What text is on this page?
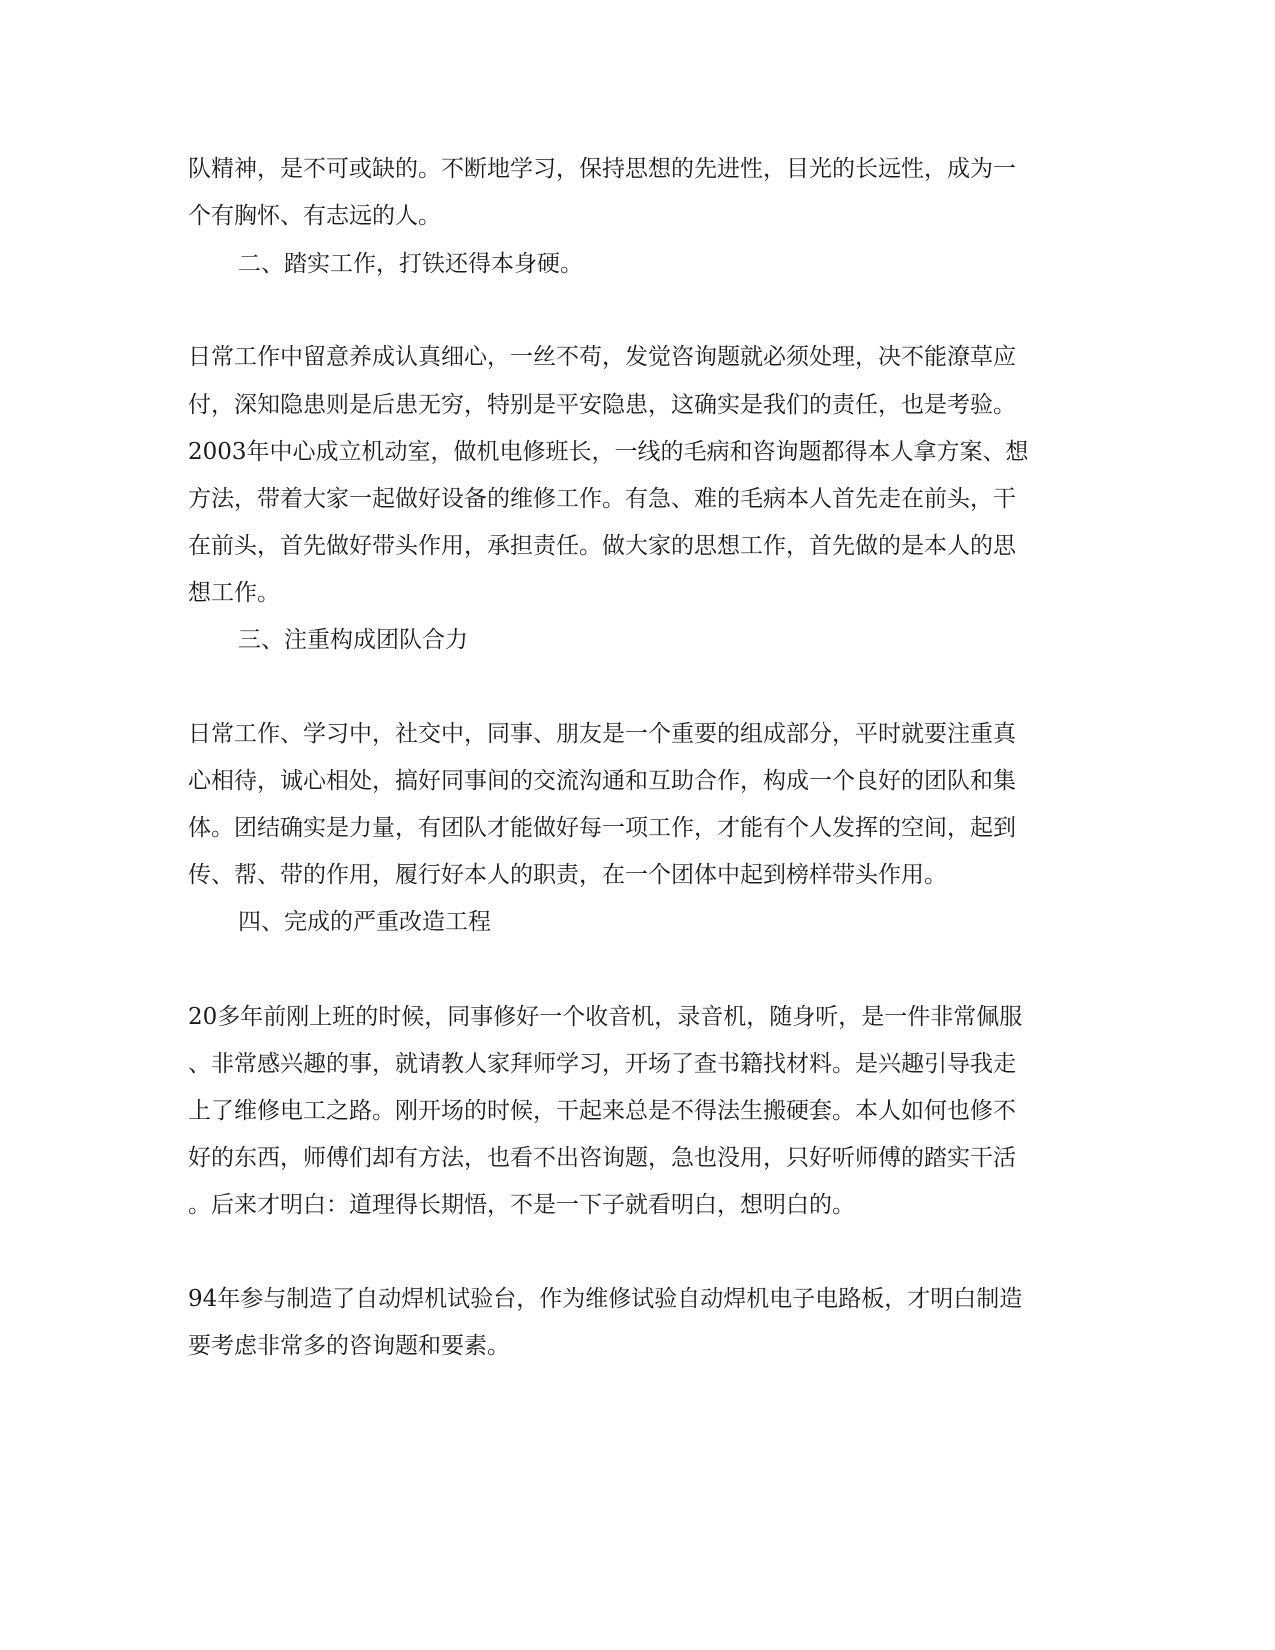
队精神，是不可或缺的。不断地学习，保持思想的先进性，目光的长远性，成为一
个有胸怀、有志远的人。
二、踏实工作，打铁还得本身硬。
日常工作中留意养成认真细心，一丝不苟，发觉咨询题就必须处理，决不能潦草应
付，深知隐患则是后患无穷，特别是平安隐患，这确实是我们的责任，也是考验。
2003年中心成立机动室，做机电修班长，一线的毛病和咨询题都得本人拿方案、想
方法，带着大家一起做好设备的维修工作。有急、难的毛病本人首先走在前头，干
在前头，首先做好带头作用，承担责任。做大家的思想工作，首先做的是本人的思
想工作。
三、注重构成团队合力
日常工作、学习中，社交中，同事、朋友是一个重要的组成部分，平时就要注重真
心相待，诚心相处，搞好同事间的交流沟通和互助合作，构成一个良好的团队和集
体。团结确实是力量，有团队才能做好每一项工作，才能有个人发挥的空间，起到
传、帮、带的作用，履行好本人的职责，在一个团体中起到榜样带头作用。
四、完成的严重改造工程
20多年前刚上班的时候，同事修好一个收音机，录音机，随身听，是一件非常佩服
、非常感兴趣的事，就请教人家拜师学习，开场了查书籍找材料。是兴趣引导我走
上了维修电工之路。刚开场的时候，干起来总是不得法生搬硬套。本人如何也修不
好的东西，师傅们却有方法，也看不出咨询题，急也没用，只好听师傅的踏实干活
。后来才明白：道理得长期悟，不是一下子就看明白，想明白的。
94年参与制造了自动焊机试验台，作为维修试验自动焊机电子电路板，才明白制造
要考虑非常多的咨询题和要素。
